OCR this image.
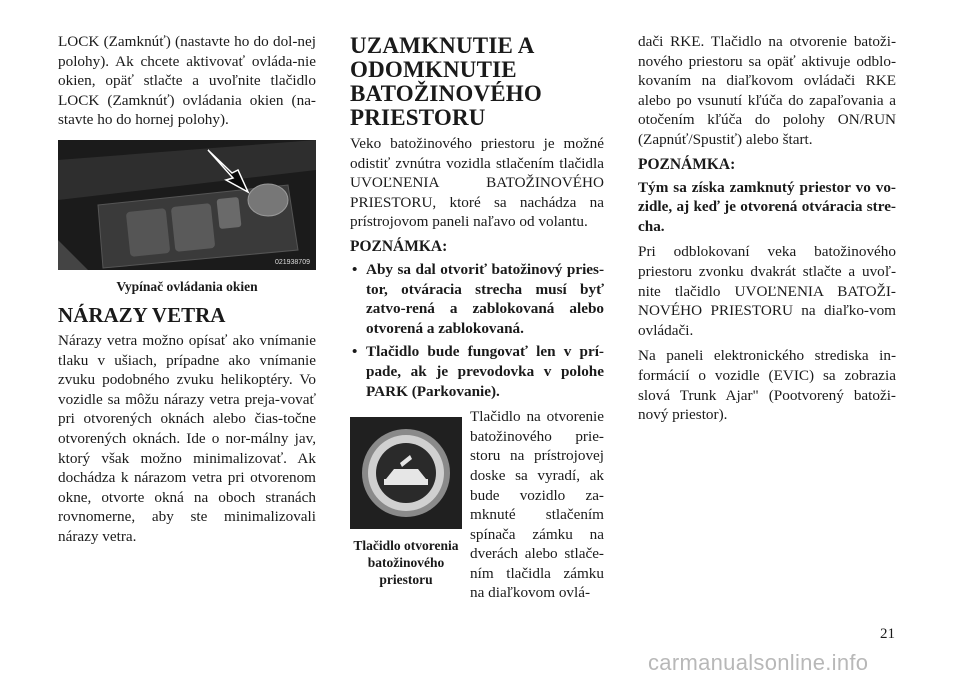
LOCK (Zamknúť) (nastavte ho do dol-nej polohy). Ak chcete aktivovať ovláda-nie okien, opäť stlačte a uvoľnite tlačidlo LOCK (Zamknúť) ovládania okien (na-stavte ho do hornej polohy).

021938709
Vypínač ovládania okien
NÁRAZY VETRA

Nárazy vetra možno opísať ako vnímanie tlaku v ušiach, prípadne ako vnímanie zvuku podobného zvuku helikoptéry. Vo vozidle sa môžu nárazy vetra preja-vovať pri otvorených oknách alebo čias-točne otvorených oknách. Ide o nor-málny jav, ktorý však možno minimalizovať. Ak dochádza k nárazom vetra pri otvorenom okne, otvorte okná na oboch stranách rovnomerne, aby ste minimalizovali nárazy vetra.

UZAMKNUTIE A ODOMKNUTIE BATOŽINOVÉHO PRIESTORU

Veko batožinového priestoru je možné odistiť zvnútra vozidla stlačením tlačidla UVOĽNENIA BATOŽINOVÉHO PRIESTORU, ktoré sa nachádza na prístrojovom paneli naľavo od volantu.

POZNÁMKA:
• Aby sa dal otvoriť batožinový pries-tor, otváracia strecha musí byť zatvo-rená a zablokovaná alebo otvorená a zablokovaná.
• Tlačidlo bude fungovať len v prí-pade, ak je prevodovka v polohe PARK (Parkovanie).
Tlačidlo otvorenia batožinového priestoru

Tlačidlo na otvorenie batožinového prie-storu na prístrojovej doske sa vyradí, ak bude vozidlo za-mknuté stlačením spínača zámku na dverách alebo stlače-ním tlačidla zámku na diaľkovom ovlá-

dači RKE. Tlačidlo na otvorenie batoži-nového priestoru sa opäť aktivuje odblo-kovaním na diaľkovom ovládači RKE alebo po vsunutí kľúča do zapaľovania a otočením kľúča do polohy ON/RUN (Zapnúť/Spustiť) alebo štart.

POZNÁMKA:

Tým sa získa zamknutý priestor vo vo-zidle, aj keď je otvorená otváracia stre-cha.

Pri odblokovaní veka batožinového priestoru zvonku dvakrát stlačte a uvoľ-nite tlačidlo UVOĽNENIA BATOŽI-NOVÉHO PRIESTORU na diaľko-vom ovládači.

Na paneli elektronického strediska in-formácií o vozidle (EVIC) sa zobrazia slová Trunk Ajar" (Pootvorený batoži-nový priestor).

21
carmanualsonline.info
